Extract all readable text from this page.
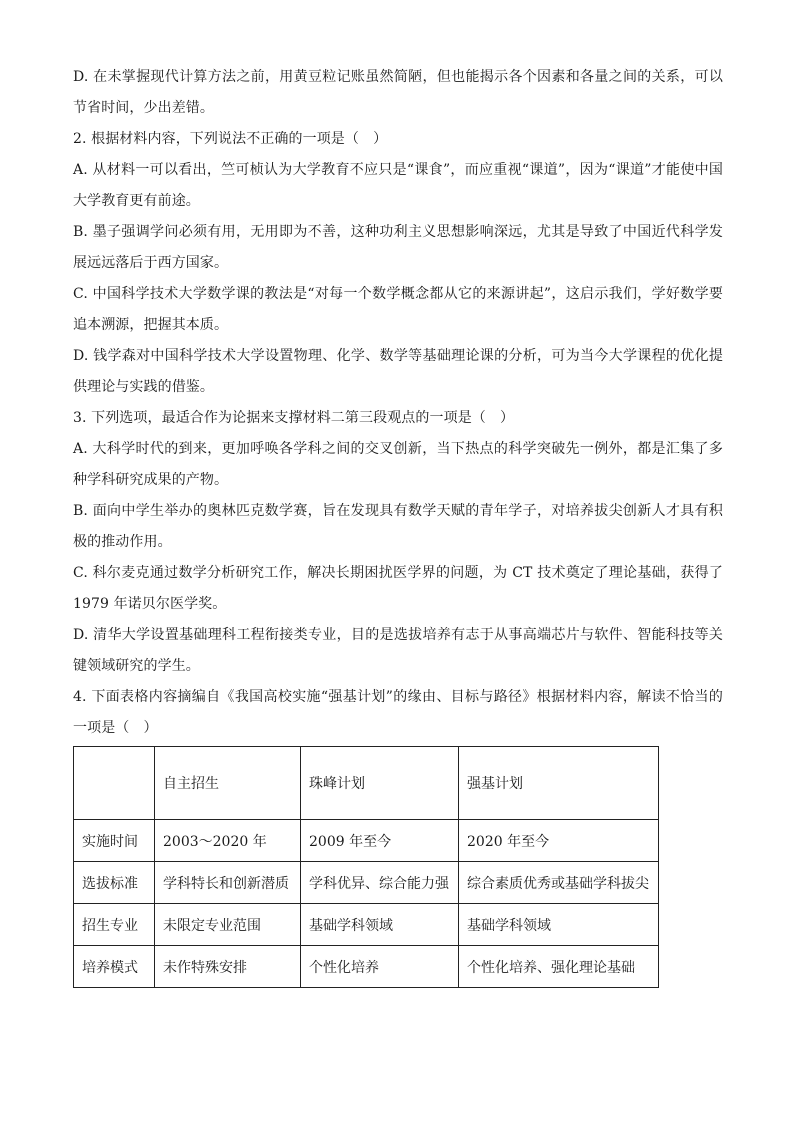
D. 在未掌握现代计算方法之前，用黄豆粒记账虽然简陋，但也能揭示各个因素和各量之间的关系，可以节省时间，少出差错。

2. 根据材料内容，下列说法不正确的一项是（　）

A. 从材料一可以看出，竺可桢认为大学教育不应只是“课食”，而应重视“课道”，因为“课道”才能使中国大学教育更有前途。

B. 墨子强调学问必须有用，无用即为不善，这种功利主义思想影响深远，尤其是导致了中国近代科学发展远远落后于西方国家。

C. 中国科学技术大学数学课的教法是“对每一个数学概念都从它的来源讲起”，这启示我们，学好数学要追本溯源，把握其本质。

D. 钱学森对中国科学技术大学设置物理、化学、数学等基础理论课的分析，可为当今大学课程的优化提供理论与实践的借鉴。

3. 下列选项，最适合作为论据来支撑材料二第三段观点的一项是（　）

A. 大科学时代的到来，更加呼唤各学科之间的交叉创新，当下热点的科学突破先一例外，都是汇集了多种学科研究成果的产物。

B. 面向中学生举办的奥林匹克数学赛，旨在发现具有数学天赋的青年学子，对培养拔尖创新人才具有积极的推动作用。

C. 科尔麦克通过数学分析研究工作，解决长期困扰医学界的问题，为 CT 技术奠定了理论基础，获得了 1979 年诺贝尔医学奖。

D. 清华大学设置基础理科工程衔接类专业，目的是选拔培养有志于从事高端芯片与软件、智能科技等关键领域研究的学生。

4. 下面表格内容摘编自《我国高校实施“强基计划”的缘由、目标与路径》根据材料内容，解读不恰当的一项是（　）

	自主招生	珠峰计划	强基计划
实施时间	2003～2020 年	2009 年至今	2020 年至今
选拔标准	学科特长和创新潜质	学科优异、综合能力强	综合素质优秀或基础学科拔尖
招生专业	未限定专业范围	基础学科领域	基础学科领域
培养模式	未作特殊安排	个性化培养	个性化培养、强化理论基础
